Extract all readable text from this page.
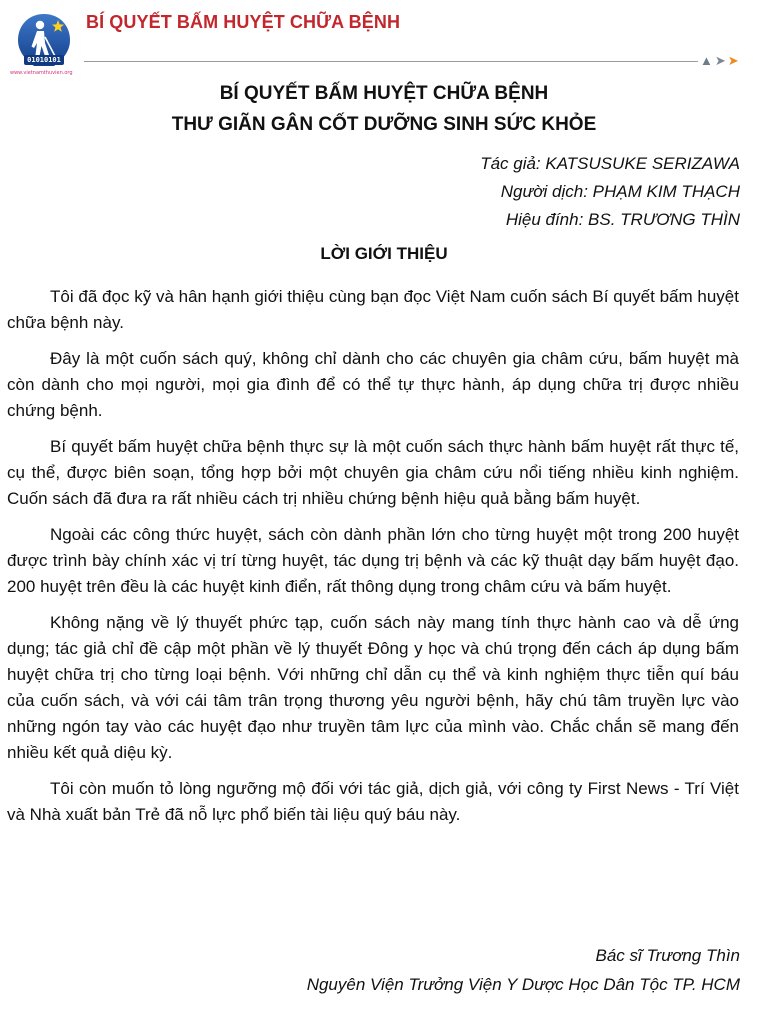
01010101
www.vietnamthuvien.org
BÍ QUYẾT BẤM HUYỆT CHỮA BỆNH
▲ ➤ ➤
BÍ QUYẾT BẤM HUYỆT CHỮA BỆNH
THƯ GIÃN GÂN CỐT DƯỠNG SINH SỨC KHỎE
Tác giả: KATSUSUKE SERIZAWA
Người dịch: PHẠM KIM THẠCH
Hiệu đính: BS. TRƯƠNG THÌN
LỜI GIỚI THIỆU

Tôi đã đọc kỹ và hân hạnh giới thiệu cùng bạn đọc Việt Nam cuốn sách Bí quyết bấm huyệt chữa bệnh này.

Đây là một cuốn sách quý, không chỉ dành cho các chuyên gia châm cứu, bấm huyệt mà còn dành cho mọi người, mọi gia đình để có thể tự thực hành, áp dụng chữa trị được nhiều chứng bệnh.

Bí quyết bấm huyệt chữa bệnh thực sự là một cuốn sách thực hành bấm huyệt rất thực tế, cụ thể, được biên soạn, tổng hợp bởi một chuyên gia châm cứu nổi tiếng nhiều kinh nghiệm. Cuốn sách đã đưa ra rất nhiều cách trị nhiều chứng bệnh hiệu quả bằng bấm huyệt.

Ngoài các công thức huyệt, sách còn dành phần lớn cho từng huyệt một trong 200 huyệt được trình bày chính xác vị trí từng huyệt, tác dụng trị bệnh và các kỹ thuật dạy bấm huyệt đạo. 200 huyệt trên đều là các huyệt kinh điển, rất thông dụng trong châm cứu và bấm huyệt.

Không nặng về lý thuyết phức tạp, cuốn sách này mang tính thực hành cao và dễ ứng dụng; tác giả chỉ đề cập một phần về lý thuyết Đông y học và chú trọng đến cách áp dụng bấm huyệt chữa trị cho từng loại bệnh. Với những chỉ dẫn cụ thể và kinh nghiệm thực tiễn quí báu của cuốn sách, và với cái tâm trân trọng thương yêu người bệnh, hãy chú tâm truyền lực vào những ngón tay vào các huyệt đạo như truyền tâm lực của mình vào. Chắc chắn sẽ mang đến nhiều kết quả diệu kỳ.

Tôi còn muốn tỏ lòng ngưỡng mộ đối với tác giả, dịch giả, với công ty First News - Trí Việt và Nhà xuất bản Trẻ đã nỗ lực phổ biến tài liệu quý báu này.

Bác sĩ Trương Thìn
Nguyên Viện Trưởng Viện Y Dược Học Dân Tộc TP. HCM
